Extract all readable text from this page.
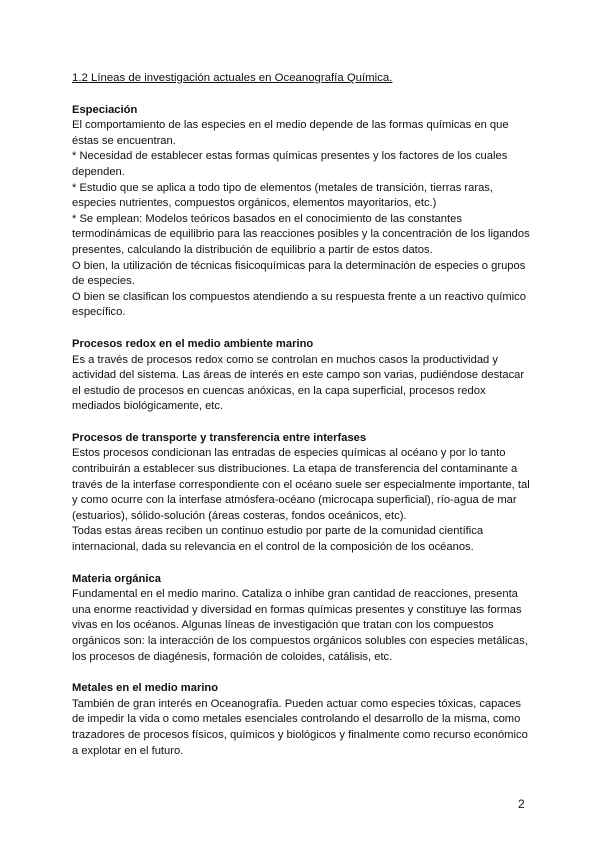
1.2 Líneas de investigación actuales en Oceanografía Química.

Especiación

El comportamiento de las especies en el medio depende de las formas químicas en que

éstas se encuentran.

* Necesidad de establecer estas formas químicas presentes y los factores de los cuales

dependen.

* Estudio que se aplica a todo tipo de elementos (metales de transición, tierras raras,

especies nutrientes, compuestos orgánicos, elementos mayoritarios, etc.)

* Se emplean: Modelos teóricos basados en el conocimiento de las constantes

termodinámicas de equilibrio para las reacciones posibles y la concentración de los ligandos

presentes, calculando la distribución de equilibrio a partir de estos datos.

O bien, la utilización de técnicas fisicoquímicas para la determinación de especies o grupos

de especies.

O bien se clasifican los compuestos atendiendo a su respuesta frente a un reactivo químico

específico.

Procesos redox en el medio ambiente marino

Es a través de procesos redox como se controlan en muchos casos la productividad y

actividad del sistema. Las áreas de interés en este campo son varias, pudiéndose destacar

el estudio de procesos en cuencas anóxicas, en la capa superficial, procesos redox

mediados biológicamente, etc.

Procesos de transporte y transferencia entre interfases

Estos procesos condicionan las entradas de especies químicas al océano y por lo tanto

contribuirán a establecer sus distribuciones. La etapa de transferencia del contaminante a

través de la interfase correspondiente con el océano suele ser especialmente importante, tal

y como ocurre con la interfase atmósfera-océano (microcapa superficial), río-agua de mar

(estuarios), sólido-solución (áreas costeras, fondos oceánicos, etc).

Todas estas áreas reciben un continuo estudio por parte de la comunidad científica

internacional, dada su relevancia en el control de la composición de los océanos.

Materia orgánica

Fundamental en el medio marino. Cataliza o inhibe gran cantidad de reacciones, presenta

una enorme reactividad y diversidad en formas químicas presentes y constituye las formas

vivas en los océanos. Algunas líneas de investigación que tratan con los compuestos

orgánicos son: la interacción de los compuestos orgánicos solubles con especies metálicas,

los procesos de diagénesis, formación de coloides, catálisis, etc.

Metales en el medio marino

También de gran interés en Oceanografía. Pueden actuar como especies tóxicas, capaces

de impedir la vida o como metales esenciales controlando el desarrollo de la misma, como

trazadores de procesos físicos, químicos y biológicos y finalmente como recurso económico

a explotar en el futuro.

2
